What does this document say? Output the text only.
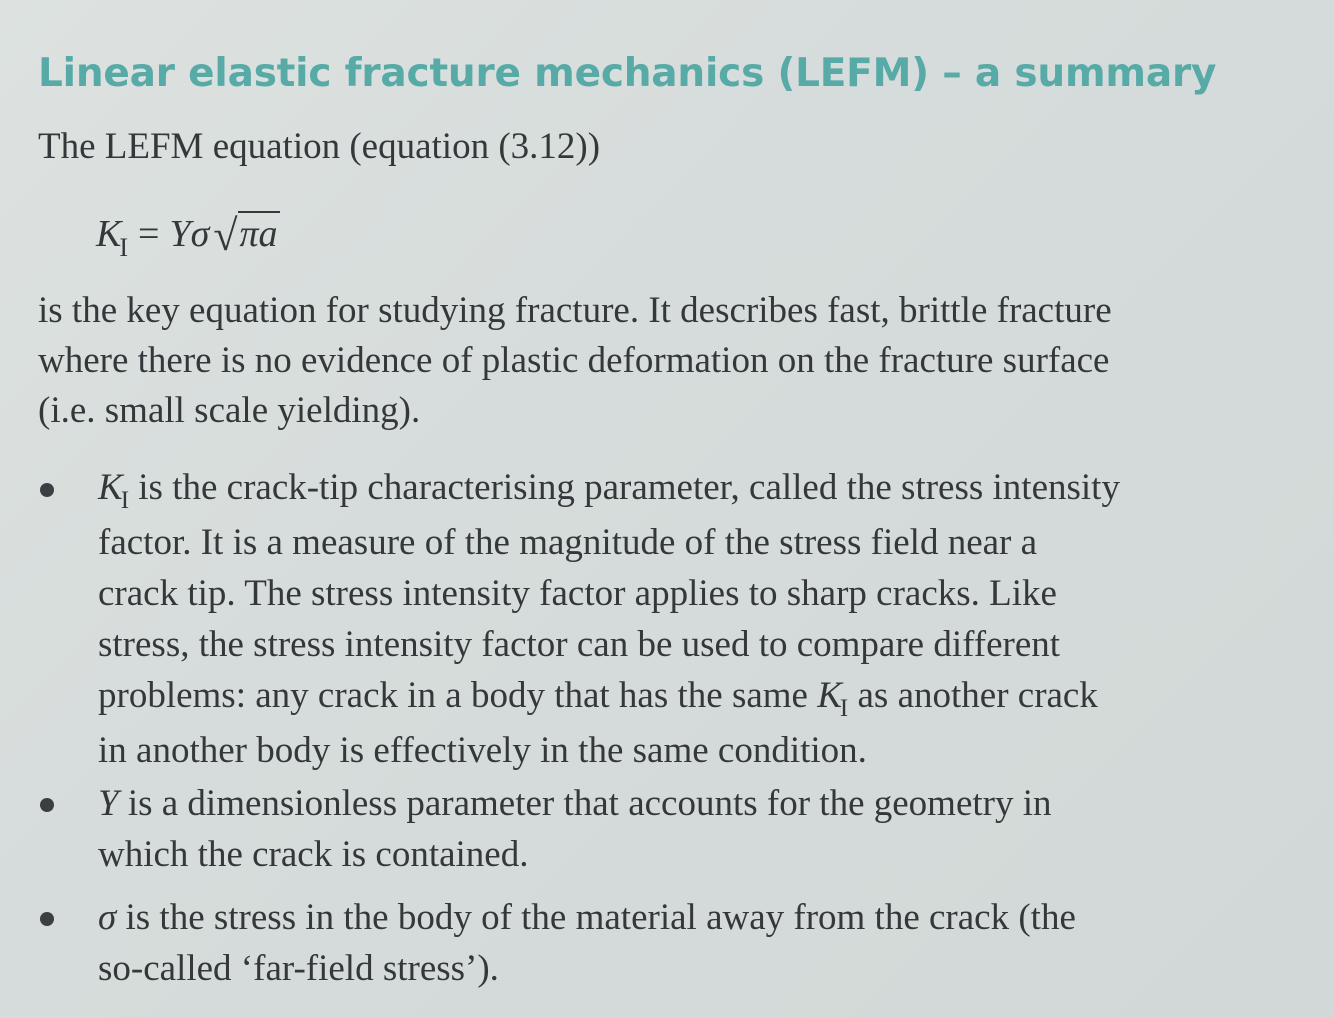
Linear elastic fracture mechanics (LEFM) – a summary

The LEFM equation (equation (3.12))

$K_I = Y\sigma√\pi a$

is the key equation for studying fracture. It describes fast, brittle fracture
where there is no evidence of plastic deformation on the fracture surface
(i.e. small scale yielding).

$K_I$ is the crack-tip characterising parameter, called the stress intensity
factor. It is a measure of the magnitude of the stress field near a
crack tip. The stress intensity factor applies to sharp cracks. Like
stress, the stress intensity factor can be used to compare different
problems: any crack in a body that has the same $K_I$ as another crack
in another body is effectively in the same condition.

Y is a dimensionless parameter that accounts for the geometry in
which the crack is contained.

σ is the stress in the body of the material away from the crack (the
so-called ‘far-field stress’).
